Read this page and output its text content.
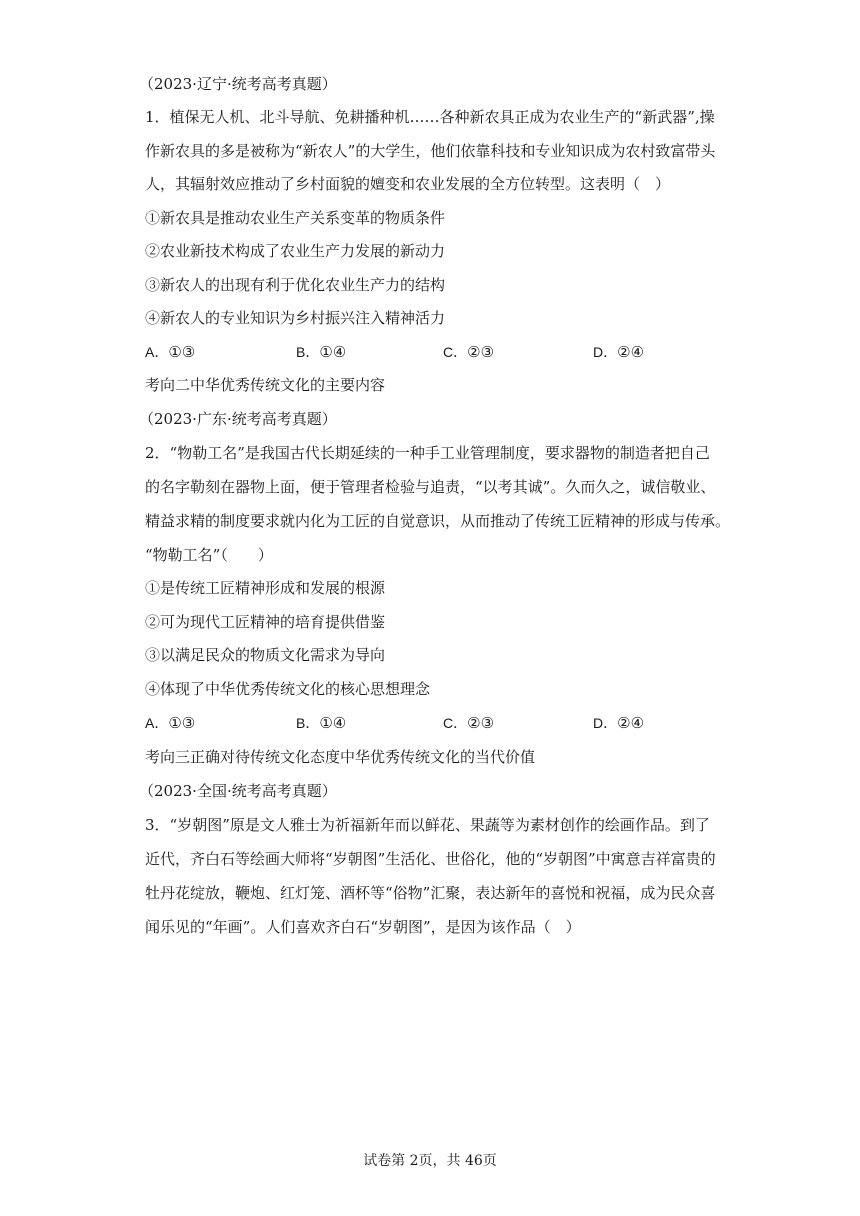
（2023·辽宁·统考高考真题）
1．植保无人机、北斗导航、免耕播种机……各种新农具正成为农业生产的“新武器”,操
作新农具的多是被称为“新农人”的大学生，他们依靠科技和专业知识成为农村致富带头
人，其辐射效应推动了乡村面貌的嬗变和农业发展的全方位转型。这表明（　）
①新农具是推动农业生产关系变革的物质条件
②农业新技术构成了农业生产力发展的新动力
③新农人的出现有利于优化农业生产力的结构
④新农人的专业知识为乡村振兴注入精神活力
A．①③	B．①④	C．②③	D．②④
考向二中华优秀传统文化的主要内容
（2023·广东·统考高考真题）
2．“物勒工名”是我国古代长期延续的一种手工业管理制度，要求器物的制造者把自己
的名字勒刻在器物上面，便于管理者检验与追责，“以考其诚”。久而久之，诚信敬业、
精益求精的制度要求就内化为工匠的自觉意识，从而推动了传统工匠精神的形成与传承。
“物勒工名”（　　）
①是传统工匠精神形成和发展的根源
②可为现代工匠精神的培育提供借鉴
③以满足民众的物质文化需求为导向
④体现了中华优秀传统文化的核心思想理念
A．①③	B．①④	C．②③	D．②④
考向三正确对待传统文化态度中华优秀传统文化的当代价值
（2023·全国·统考高考真题）
3．“岁朝图”原是文人雅士为祈福新年而以鲜花、果蔬等为素材创作的绘画作品。到了
近代，齐白石等绘画大师将“岁朝图”生活化、世俗化，他的“岁朝图”中寓意吉祥富贵的
牡丹花绽放，鞭炮、红灯笼、酒杯等“俗物”汇聚，表达新年的喜悦和祝福，成为民众喜
闻乐见的“年画”。人们喜欢齐白石“岁朝图”，是因为该作品（　）
试卷第 2页，共 46页
